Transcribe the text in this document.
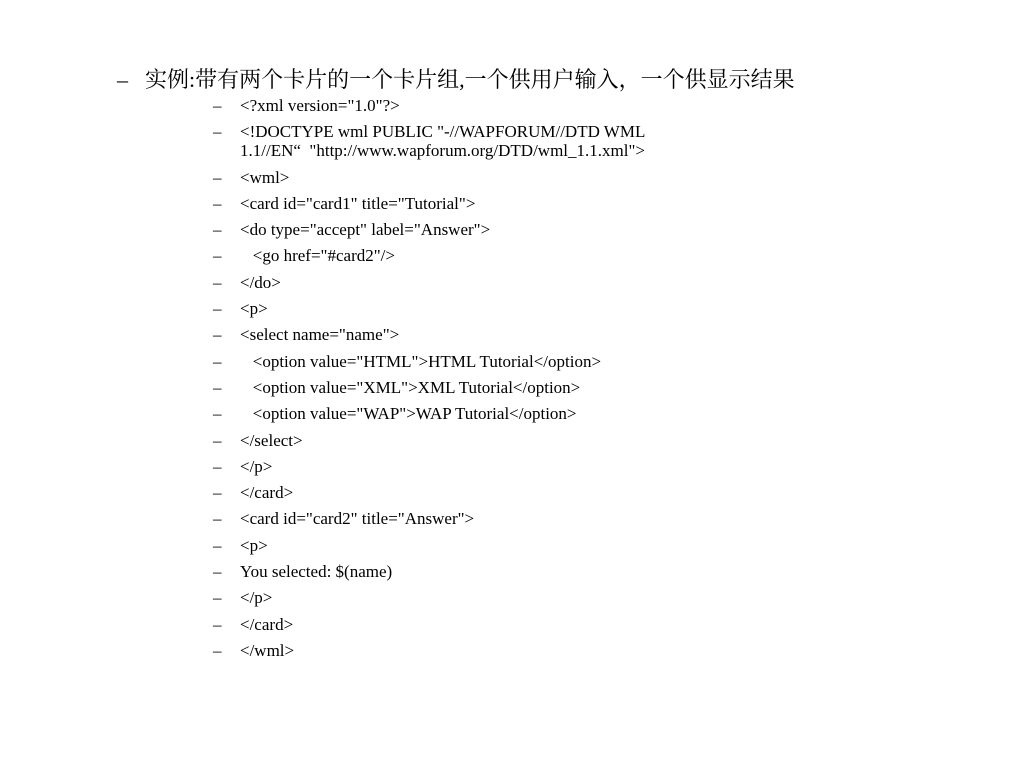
– 实例:带有两个卡片的一个卡片组,一个供用户输入，一个供显示结果
– <?xml version="1.0"?>
– <!DOCTYPE wml PUBLIC "-//WAPFORUM//DTD WML
1.1//EN“  "http://www.wapforum.org/DTD/wml_1.1.xml">
– <wml>
– <card id="card1" title="Tutorial">
– <do type="accept" label="Answer">
– <go href="#card2"/>
– </do>
– <p>
– <select name="name">
– <option value="HTML">HTML Tutorial</option>
– <option value="XML">XML Tutorial</option>
– <option value="WAP">WAP Tutorial</option>
– </select>
– </p>
– </card>
– <card id="card2" title="Answer">
– <p>
– You selected: $(name)
– </p>
– </card>
– </wml>
